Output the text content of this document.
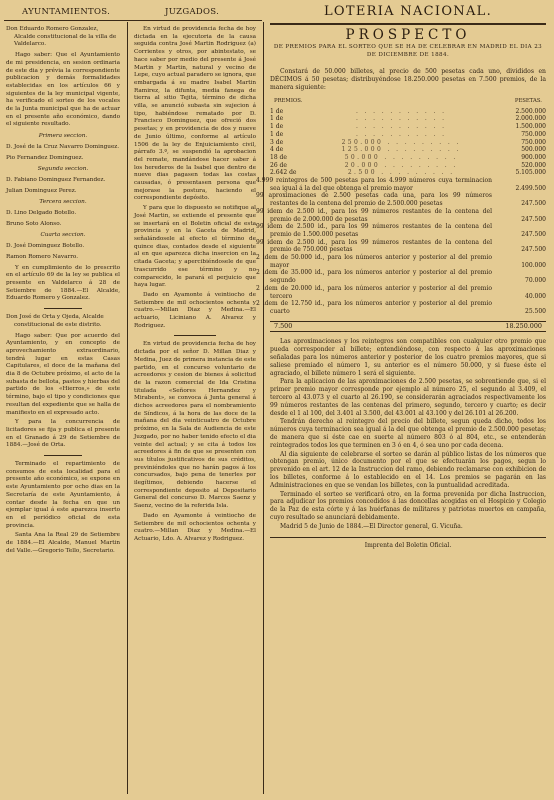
AYUNTAMIENTOS.	JUZGADOS.	LOTERIA NACIONAL.

Don Eduardo Romero Gonzalez, Alcalde constitucional de la villa de Valdelarco.

Hago saber: Que el Ayuntamiento de mi presidencia, en sesion ordinaria de este dia y prévia la correspondiente publicacion y demás formalidades establecidas en los artículos 66 y siguientes de la ley municipal vigente, ha verificado el sorteo de los vocales de la Junta municipal que ha de actuar en el presente año económico, dando el siguiente resultado.

Primera seccion.

D. José de la Cruz Navarro Dominguez.

Pio Fernandez Dominguez.

Segunda seccion.

D. Fabiano Dominguez Fernandez.

Julian Dominguez Perez.

Tercera seccion.

D. Lino Delgado Botello.

Bruno Soto Alonso.

Cuarta seccion.

D. José Dominguez Botello.

Ramon Romero Navarro.

Y en cumplimiento de lo prescrito en el artículo 69 de la ley se publica el presente en Valdelarco á 28 de Setiembre de 1884.—El Alcalde, Eduardo Romero y Gonzalez.

Don José de Orta y Ojeda, Alcalde constitucional de este distrito.

Hago saber: Que por acuerdo del Ayuntamiento, y en concepto de aprovechamiento extraordinario, tendrá lugar en estas Casas Capitulares, el doce de la mañana del dia 8 de Octubre próximo, el acto de la subasta de bellota, pastos y hierbas del partido de los «Hierros,» de este término, bajo el tipo y condiciones que resultan del expediente que se halla de manifiesto en el expresado acto.

Y para la concurrencia de licitadores se fija y publica el presente en el Granado á 29 de Setiembre de 1884.—José de Orta.

Terminado el repartimiento de consumos de esta localidad para el presente año económico, se expone en este Ayuntamiento por ocho dias en la Secretaría de este Ayuntamiento, á contar desde la fecha en que un ejemplar igual á este aparezca inserto en el periódico oficial de esta provincia.

Santa Ana la Real 29 de Setiembre de 1884.—El Alcalde, Manuel Martin del Valle.—Gregorio Tello, Secretario.

En virtud de providencia fecha de hoy dictada en la ejecutoria de la causa seguida contra José Martin Rodriguez (a) Corrientes y otros, por abintestato, se hace saber por medio del presente á José Martin y Martin, natural y vecino de Lepe, cuyo actual paradero se ignora, que embargada á su madre Isabel Martin Ramirez, la difunta, media fanega de tierra al sitio Tejita, término de dicha villa, se anunció subasta sin sujecion á tipo, habiéndose rematado por D. Francisco Dominguez, que ofreció dos pesetas; y en providencia de dos y nueve de Junio último, conforme al artículo 1506 de la ley de Enjuiciamiento civil, párrafo 3.º, se suspendió la aprobacion del remate, mandándose hacer saber á los herederos de la Isabel que dentro de nueve dias pagasen todas las costas causadas, ó presentasen persona que mejorase la postura, haciendo el correspondiente depósito.

Y para que lo dispuesto se notifique al José Martin, se extiende el presente que se insertará en el Boletin oficial de esta provincia y en la Gaceta de Madrid, señalándosele al efecto el término de quince dias, contados desde el siguiente al en que aparezca dicha insercion en la citada Gaceta; y apercibiéndosele de que trascurrido ese término y no comparecido, le parará el perjuicio que haya lugar.

Dado en Ayamonte á veintiocho de Setiembre de mil ochocientos ochenta y cuatro.—Millan Diaz y Medina.—El actuario, Liciniano A. Alvarez y Rodriguez.

En virtud de providencia fecha de hoy dictada por el señor D. Millan Diaz y Medina, Juez de primera instancia de este partido, en el concurso voluntario de acreedores y cesion de bienes á solicitud de la razon comercial de Ida Cristina titulada «Señores Hernandez y Mirabent», se convoca á Junta general á dichos acreedores para el nombramiento de Síndicos, á la hora de las doce de la mañana del dia veinticuatro de Octubre próximo, en la Sala de Audiencia de este Juzgado, por no haber tenido efecto el dia veinte del actual; y se cita á todos los acreedores á fin de que se presenten con sus títulos justificativos de sus créditos, previniéndoles que no harán pagos á los concursados, bajo pena de tenerles por ilegítimos, debiendo hacerse el correspondiente deposito al Depositario General del concurso D. Marcos Saenz y Saenz, vecino de la referida Isla.

Dado en Ayamonte á veintiocho de Setiembre de mil ochocientos ochenta y cuatro.—Millan Diaz y Medina.—El Actuario, Ldo. A. Alvarez y Rodriguez.

PROSPECTO
DE PREMIOS PARA EL SORTEO QUE SE HA DE CELEBRAR EN MADRID EL DIA 23 DE DICIEMBRE DE 1884.

Constará de 50.000 billetes, al precio de 500 pesetas cada uno, divididos en DÉCIMOS á 50 pesetas; distribuyéndose 18.250.000 pesetas en 7.500 premios, de la manera siguiente:

PREMIOS.	PESETAS.
1 de	. . . . . . . . . . .	2.500.000
1 de	. . . . . . . . . . .	2.000.000
1 de	. . . . . . . . . . .	1.500.000
1 de	. . . . . . . . . . .	750.000
3 de	250.000 . . . . . . . . .	750.000
4 de	125.000 . . . . . . . . .	500.000
18 de	50.000 . . . . . . . . .	900.000
26 de	20.000 . . . . . . . . .	520.000
2.642 de	2.500 . . . . . . . . .	5.105.000
4.999 reintegros de 500 pesetas para los 4.999 números cuya terminacion sea igual á la del que obtenga el premio mayor		2.499.500
99 aproximaciones de 2.500 pesetas cada una, para los 99 números restantes de la centena del premio de 2.500.000 pesetas		247.500
99 idem de 2.500 id., para los 99 números restantes de la centena del premio de 2.000.000 de pesetas		247.500
99 idem de 2.500 id., para los 99 números restantes de la centena del premio de 1.500.000 pesetas		247.500
99 idem de 2.500 id., para los 99 números restantes de la centena del premio de 750.000 pesetas		247.500
2 idem de 50.000 id., para los números anterior y posterior al del premio mayor		100.000
2 idem de 35.000 id., para los números anterior y posterior al del premio segundo		70.000
2 idem de 20.000 id., para los números anterior y posterior al del premio tercero		40.000
2 idem de 12.750 id., para los números anterior y posterior al del premio cuarto		25.500
7.500	18.250.000

Las aproximaciones y los reintegros son compatibles con cualquier otro premio que pueda corresponder al billete; entendiéndose, con respecto á las aproximaciones señaladas para los números anterior y posterior de los cuatro premios mayores, que si saliese premiado el número 1, su anterior es el número 50.000, y si fuese éste el agraciado, el billete número 1 será el siguiente.

Para la aplicacion de las aproximaciones de 2.500 pesetas, se sobrentiende que, si el primer premio mayor corresponde por ejemplo al número 25, el segundo al 3.409, el tercero al 43.073 y el cuarto al 26.190, se considerarán agraciados respectivamente los 99 números restantes de las centenas del primero, segundo, tercero y cuarto; es decir desde el 1 al 100, del 3.401 al 3.500, del 43.001 al 43.100 y del 26.101 al 26.200.

Tendrán derecho al reintegro del precio del billete, segun queda dicho, todos los números cuya terminacion sea igual á la del que obtenga el premio de 2.500.000 pesetas; de manera que si éste cae en suerte al número 803 ó al 804, etc., se entenderán reintegrados todos los que terminen en 3 ó en 4, ó sea uno por cada decena.

Al dia siguiente de celebrarse el sorteo se darán al público listas de los números que obtengan premio, único documento por el que se efectuarán los pagos, segun lo prevenido en el art. 12 de la Instruccion del ramo, debiendo reclamarse con exhibicion de los billetes, conforme á lo establecido en el 14. Los premios se pagarán en las Administraciones en que se vendan los billetes, con la puntualidad acreditada.

Terminado el sorteo se verificará otro, en la forma prevenida por dicha Instruccion, para adjudicar los premios concedidos á las doncellas acogidas en el Hospicio y Colegio de la Paz de esta córte y á las huérfanas de militares y patriotas muertos en campaña, cuyo resultado se anunciará debidamente.

Madrid 5 de Junio de 1884.—El Director general, G. Vicuña.

Imprenta del Boletin Oficial.
